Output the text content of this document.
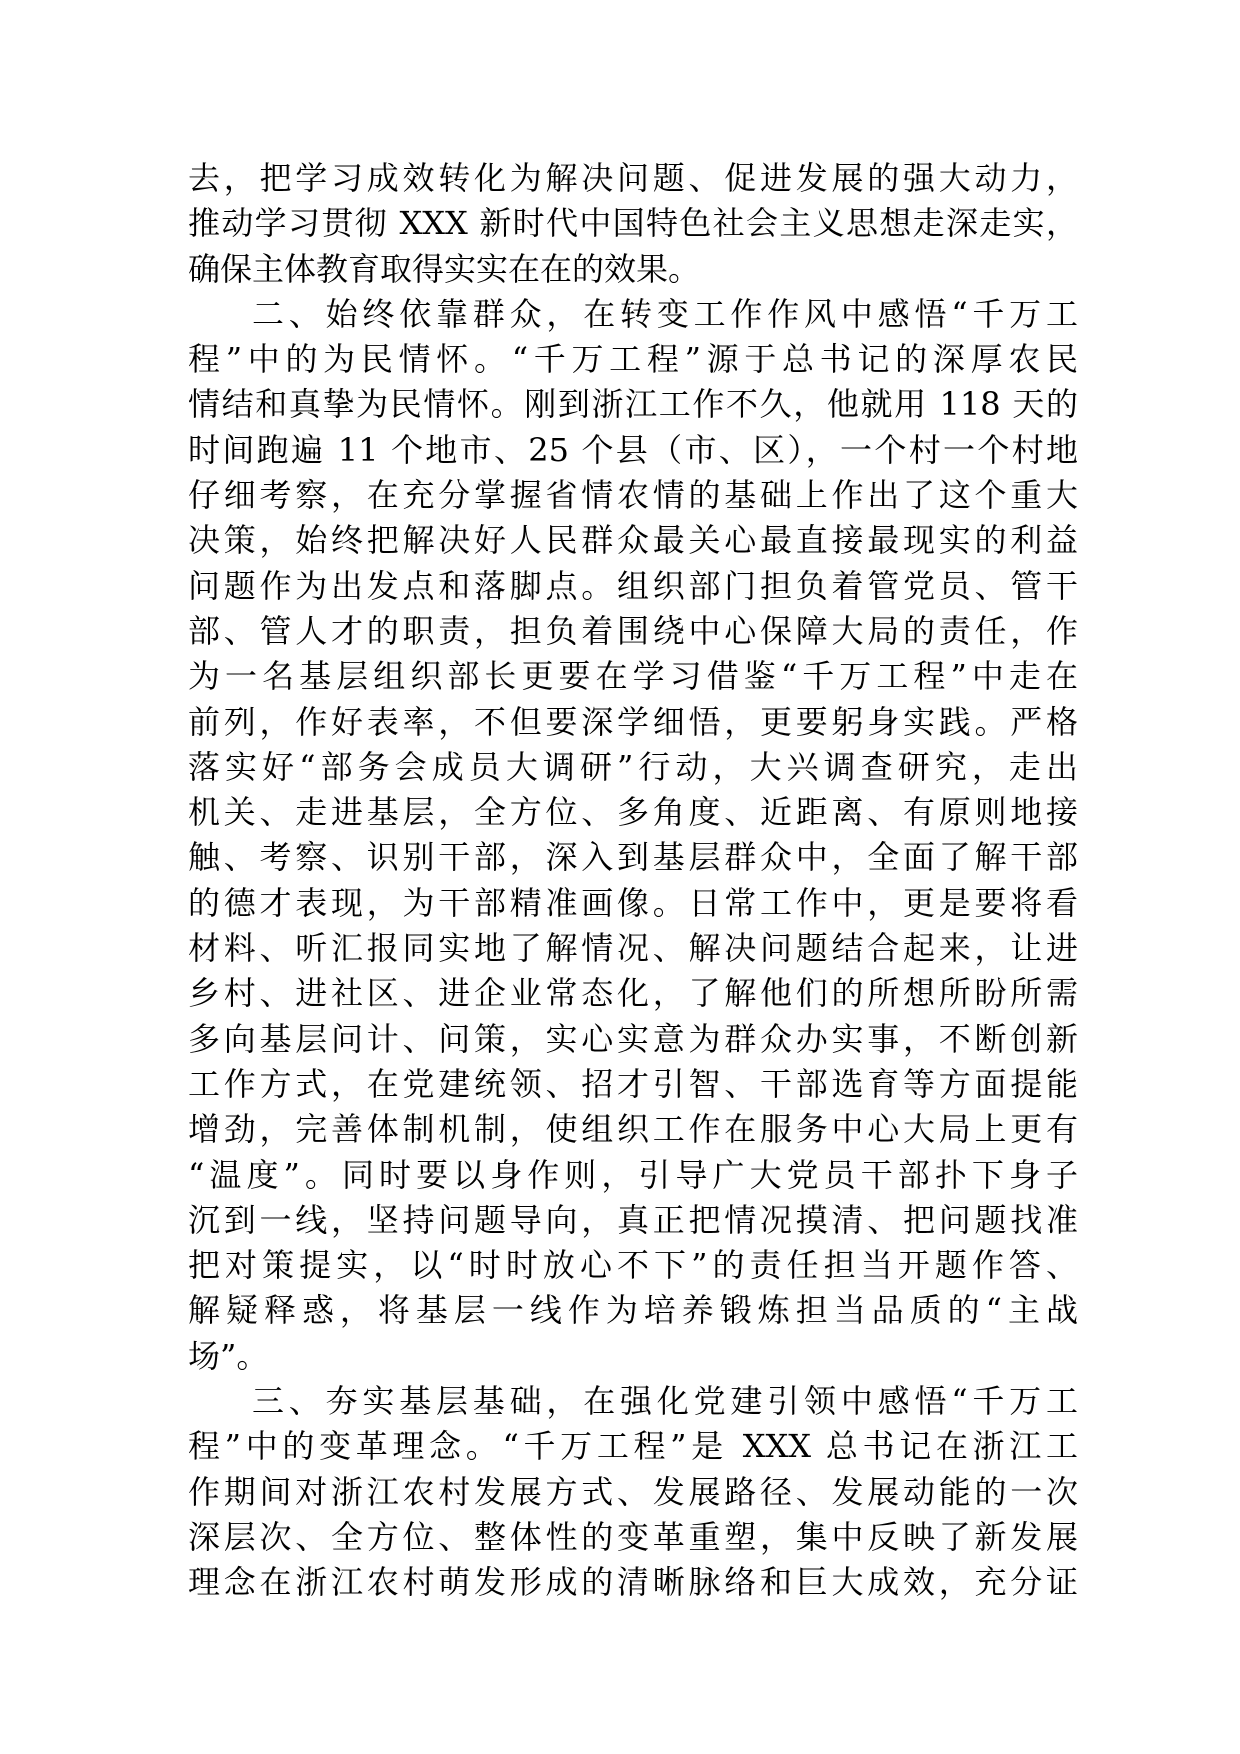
去，把学习成效转化为解决问题、促进发展的强大动力，
推动学习贯彻 XXX 新时代中国特色社会主义思想走深走实，
确保主体教育取得实实在在的效果。
二、始终依靠群众，在转变工作作风中感悟“千万工
程”中的为民情怀。“千万工程”源于总书记的深厚农民
情结和真挚为民情怀。刚到浙江工作不久，他就用 118 天的
时间跑遍 11 个地市、25 个县（市、区），一个村一个村地
仔细考察，在充分掌握省情农情的基础上作出了这个重大
决策，始终把解决好人民群众最关心最直接最现实的利益
问题作为出发点和落脚点。组织部门担负着管党员、管干
部、管人才的职责，担负着围绕中心保障大局的责任，作
为一名基层组织部长更要在学习借鉴“千万工程”中走在
前列，作好表率，不但要深学细悟，更要躬身实践。严格
落实好“部务会成员大调研”行动，大兴调查研究，走出
机关、走进基层，全方位、多角度、近距离、有原则地接
触、考察、识别干部，深入到基层群众中，全面了解干部
的德才表现，为干部精准画像。日常工作中，更是要将看
材料、听汇报同实地了解情况、解决问题结合起来，让进
乡村、进社区、进企业常态化，了解他们的所想所盼所需
多向基层问计、问策，实心实意为群众办实事，不断创新
工作方式，在党建统领、招才引智、干部选育等方面提能
增劲，完善体制机制，使组织工作在服务中心大局上更有
“温度”。同时要以身作则，引导广大党员干部扑下身子
沉到一线，坚持问题导向，真正把情况摸清、把问题找准
把对策提实，以“时时放心不下”的责任担当开题作答、
解疑释惑，将基层一线作为培养锻炼担当品质的“主战
场”。
三、夯实基层基础，在强化党建引领中感悟“千万工
程”中的变革理念。“千万工程”是 XXX 总书记在浙江工
作期间对浙江农村发展方式、发展路径、发展动能的一次
深层次、全方位、整体性的变革重塑，集中反映了新发展
理念在浙江农村萌发形成的清晰脉络和巨大成效，充分证
